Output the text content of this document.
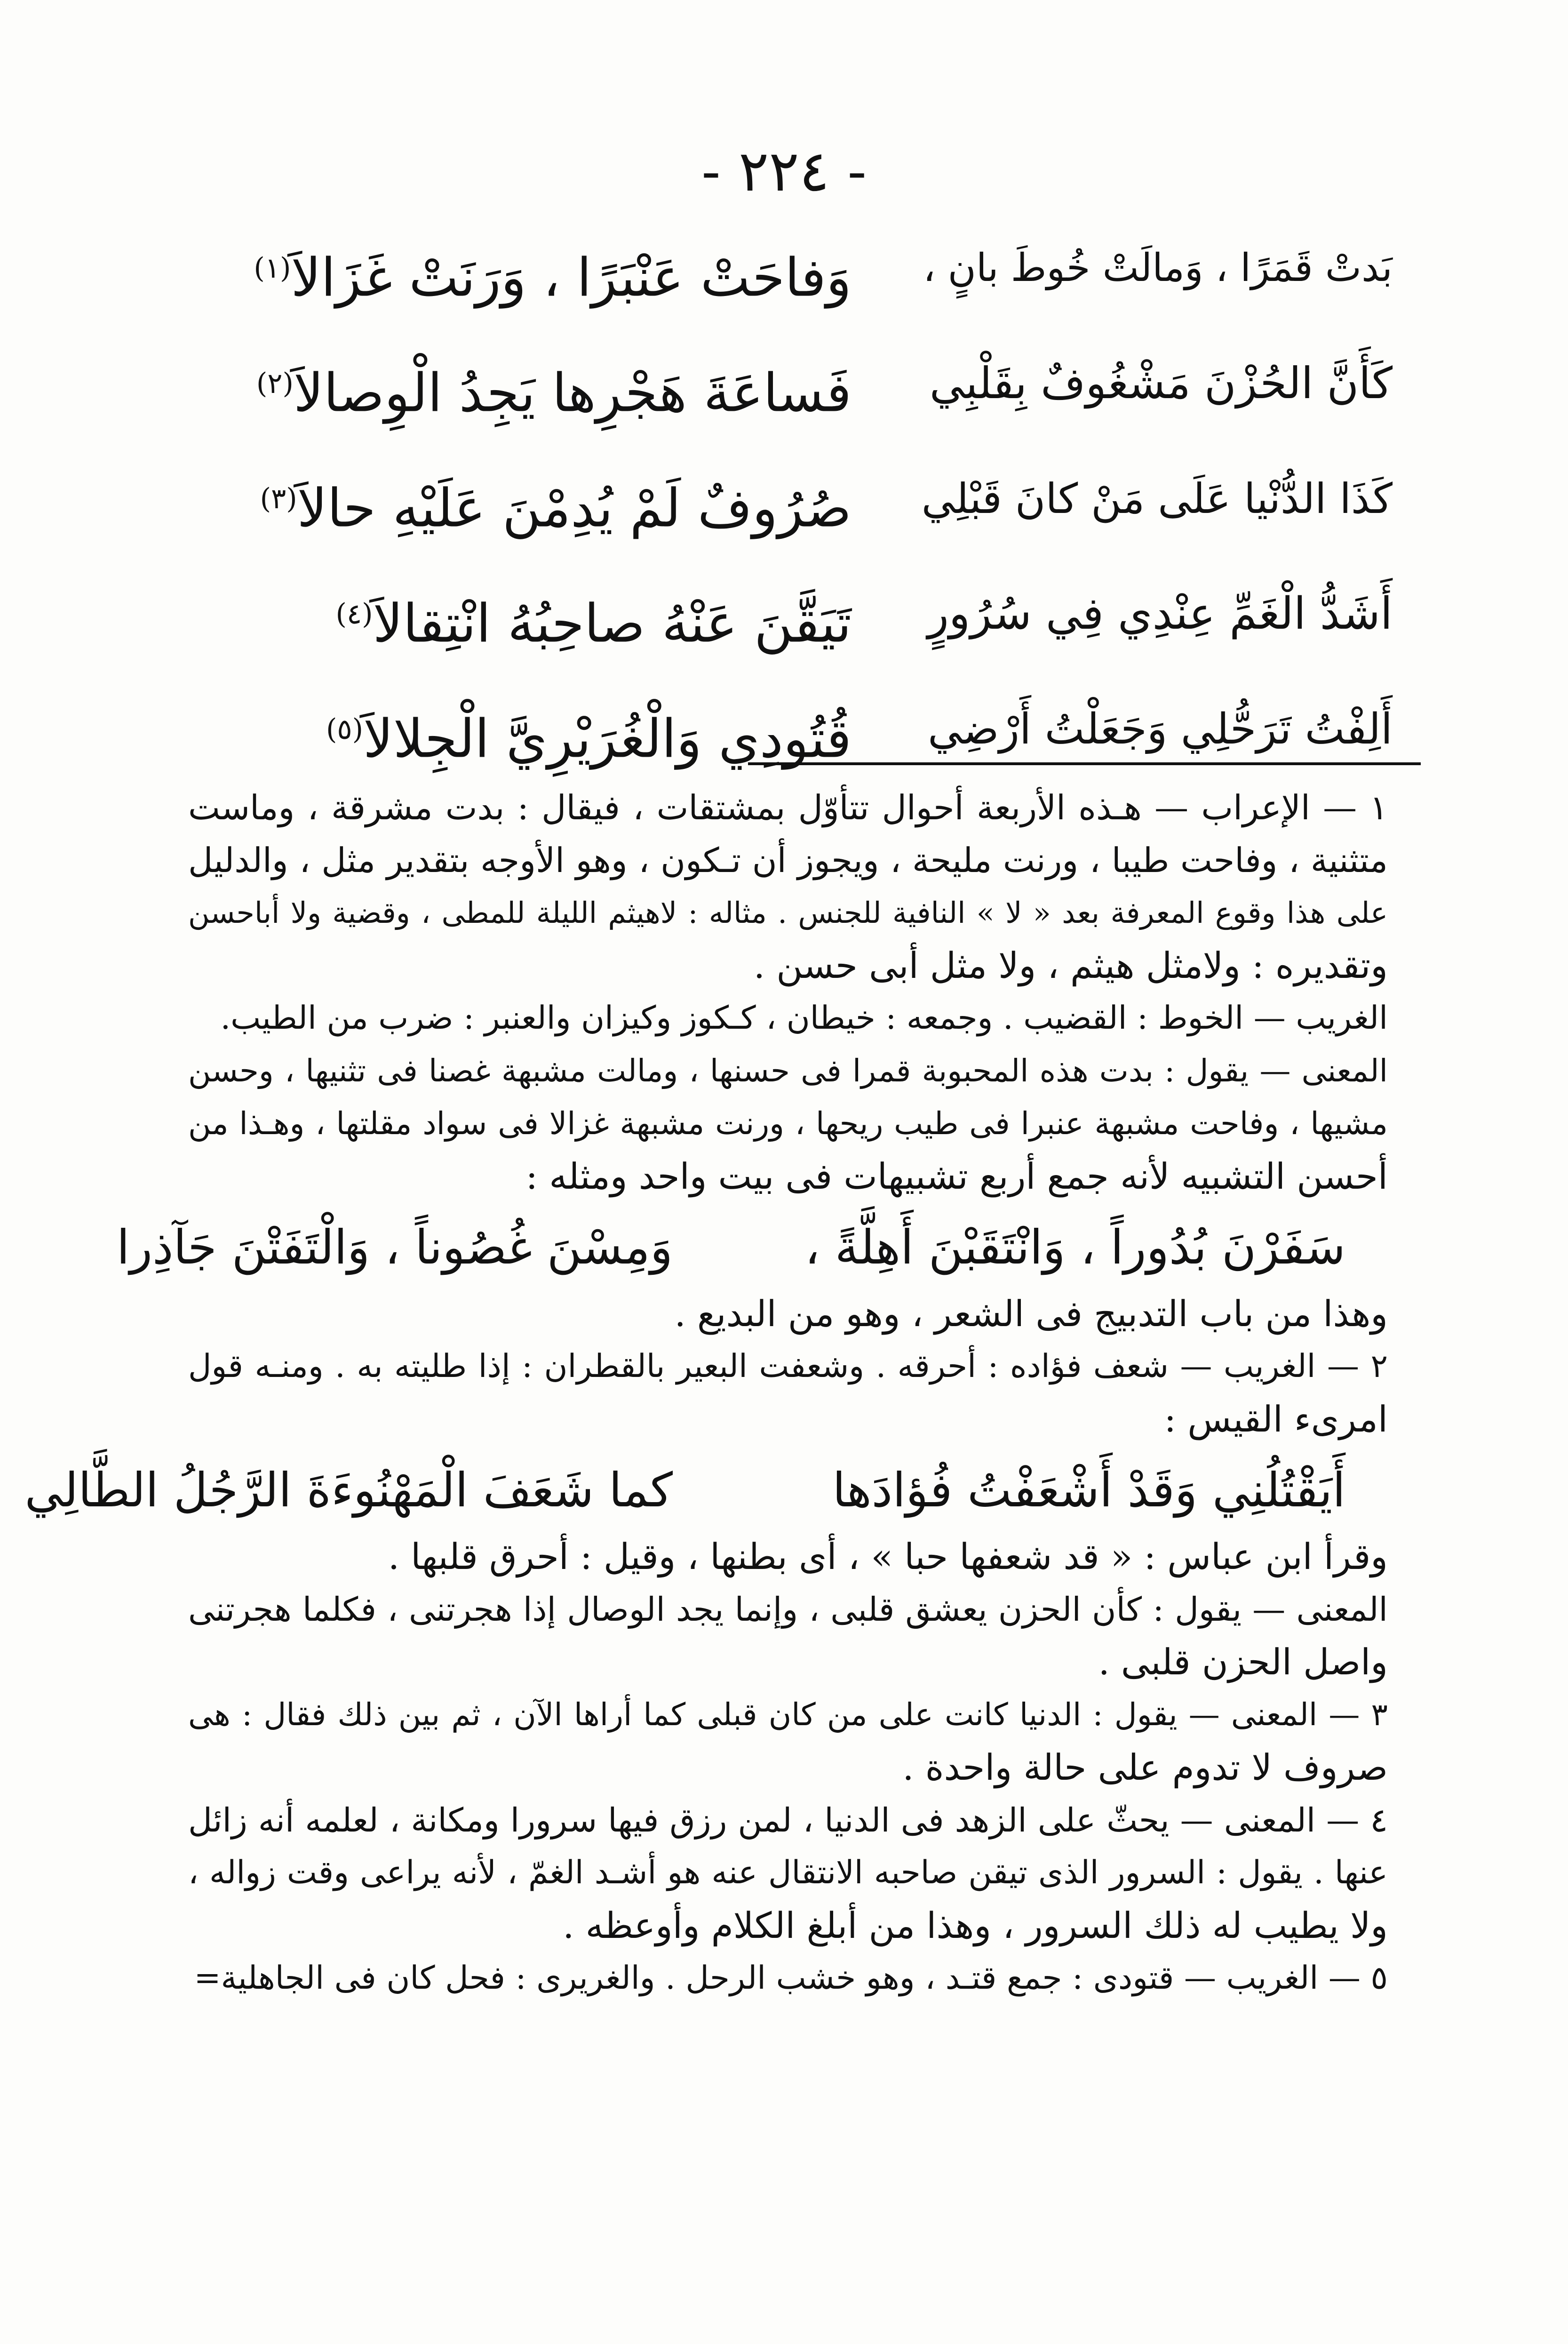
- ٢٢٤ -
بَدتْ قَمَرًا ، وَمالَتْ خُوطَ بانٍ ،
وَفاحَتْ عَنْبَرًا ، وَرَنَتْ غَزَالاَ$^{(١)}$
كَأَنَّ الحُزْنَ مَشْغُوفٌ بِقَلْبِي
فَساعَةَ هَجْرِها يَجِدُ الْوِصالاَ$^{(٢)}$
كَذَا الدُّنْيا عَلَى مَنْ كانَ قَبْلِي
صُرُوفٌ لَمْ يُدِمْنَ عَلَيْهِ حالاَ$^{(٣)}$
أَشَدُّ الْغَمِّ عِنْدِي فِي سُرُورٍ
تَيَقَّنَ عَنْهُ صاحِبُهُ انْتِقالاَ$^{(٤)}$
أَلِفْتُ تَرَحُّلِي وَجَعَلْتُ أَرْضِي
قُتُودِي وَالْغُرَيْرِيَّ الْجِلالاَ$^{(٥)}$
١ — الإعراب — هـذه الأربعة أحوال تتأوّل بمشتقات ، فيقال : بدت مشرقة ، وماست
متثنية ، وفاحت طيبا ، ورنت مليحة ، ويجوز أن تـكون ، وهو الأوجه بتقدير مثل ، والدليل
على هذا وقوع المعرفة بعد « لا » النافية للجنس . مثاله : لاهيثم الليلة للمطى ، وقضية ولا أباحسن
وتقديره : ولامثل هيثم ، ولا مثل أبى حسن .
الغريب — الخوط : القضيب . وجمعه : خيطان ، كـكوز وكيزان والعنبر : ضرب من الطيب.
المعنى — يقول : بدت هذه المحبوبة قمرا فى حسنها ، ومالت مشبهة غصنا فى تثنيها ، وحسن
مشيها ، وفاحت مشبهة عنبرا فى طيب ريحها ، ورنت مشبهة غزالا فى سواد مقلتها ، وهـذا من
أحسن التشبيه لأنه جمع أربع تشبيهات فى بيت واحد ومثله :
سَفَرْنَ بُدُوراً ، وَانْتَقَبْنَ أَهِلَّةً ،
وَمِسْنَ غُصُوناً ، وَالْتَفَتْنَ جَآذِرا
وهذا من باب التدبيج فى الشعر ، وهو من البديع .
٢ — الغريب — شعف فؤاده : أحرقه . وشعفت البعير بالقطران : إذا طليته به . ومنـه قول
امرىء القيس :
أَيَقْتُلُنِي وَقَدْ أَشْعَفْتُ فُؤادَها
كما شَعَفَ الْمَهْنُوءَةَ الرَّجُلُ الطَّالِي
وقرأ ابن عباس : « قد شعفها حبا » ، أى بطنها ، وقيل : أحرق قلبها .
المعنى — يقول : كأن الحزن يعشق قلبى ، وإنما يجد الوصال إذا هجرتنى ، فكلما هجرتنى
واصل الحزن قلبى .
٣ — المعنى — يقول : الدنيا كانت على من كان قبلى كما أراها الآن ، ثم بين ذلك فقال : هى
صروف لا تدوم على حالة واحدة .
٤ — المعنى — يحثّ على الزهد فى الدنيا ، لمن رزق فيها سرورا ومكانة ، لعلمه أنه زائل
عنها . يقول : السرور الذى تيقن صاحبه الانتقال عنه هو أشـد الغمّ ، لأنه يراعى وقت زواله ،
ولا يطيب له ذلك السرور ، وهذا من أبلغ الكلام وأوعظه .
٥ — الغريب — قتودى : جمع قتـد ، وهو خشب الرحل . والغريرى : فحل كان فى الجاهلية=
